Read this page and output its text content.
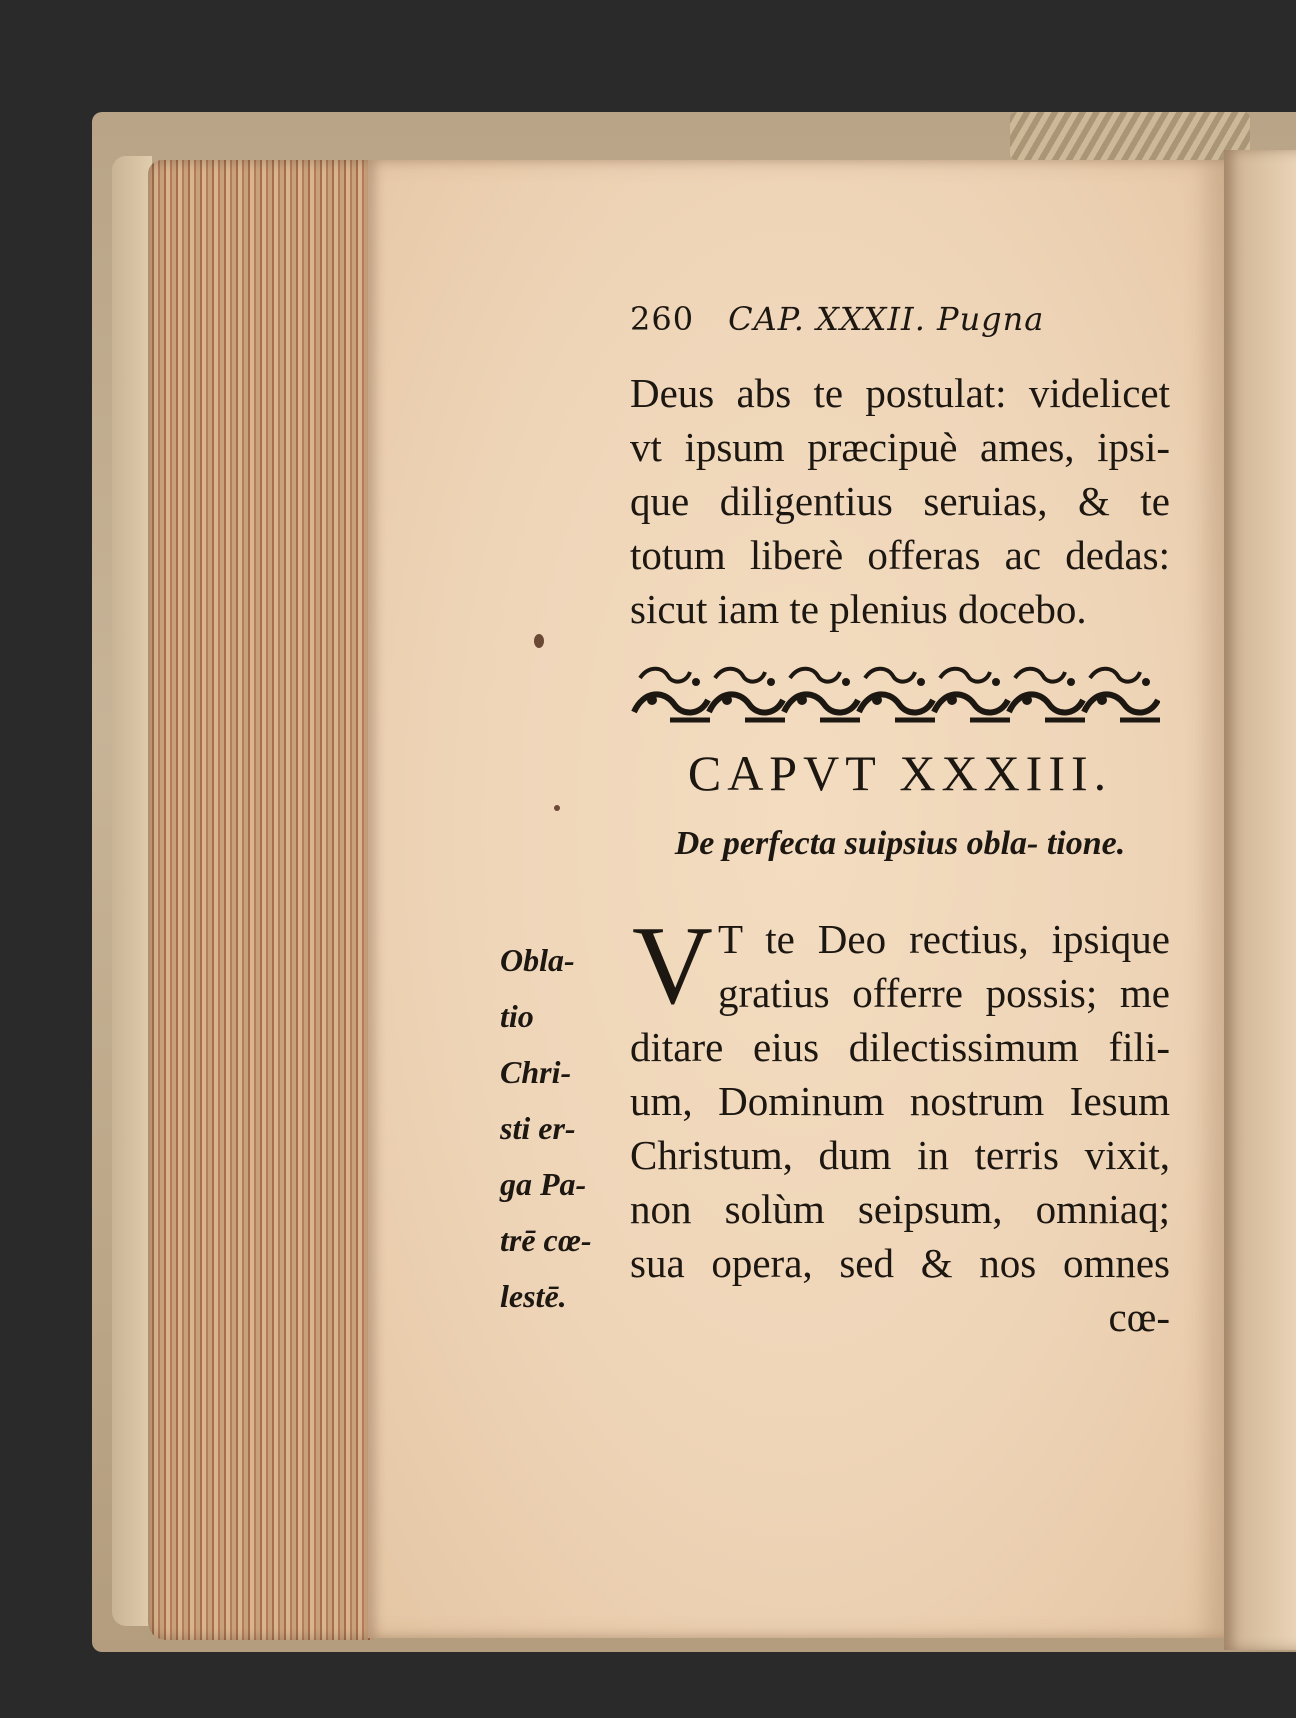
260 CAP. XXXII. Pugna
Deus abs te postulat: videlicet
vt ipsum præcipuè ames, ipsi-
que diligentius seruias, & te
totum liberè offeras ac dedas:
sicut iam te plenius docebo.
CAPVT XXXIII.
De perfecta suipsius obla- tione.
V T te Deo rectius, ipsique
gratius offerre possis; me
ditare eius dilectissimum fili-
um, Dominum nostrum Iesum
Christum, dum in terris vixit,
non solùm seipsum, omniaq;
sua opera, sed & nos omnes
cœ-
Obla-
tio
Chri-
sti er-
ga Pa-
trē cœ-
lestē.
